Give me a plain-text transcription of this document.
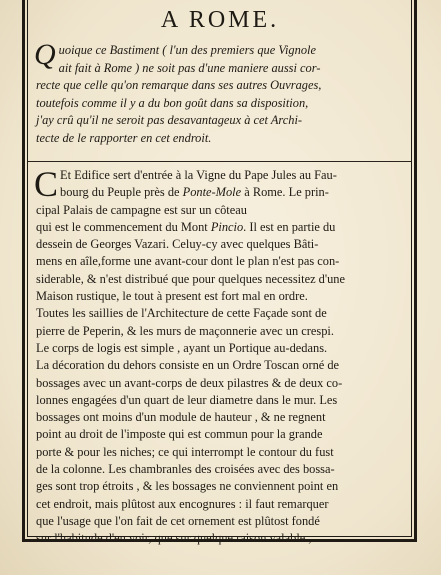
A ROME.
Q uoique ce Bastiment ( l'un des premiers que Vignole
ait fait à Rome ) ne soit pas d'une maniere aussi cor-
recte que celle qu'on remarque dans ses autres Ouvrages,
toutefois comme il y a du bon goût dans sa disposition,
j'ay crû qu'il ne seroit pas desavantageux à cet Archi-
tecte de le rapporter en cet endroit.
C Et Edifice sert d'entrée à la Vigne du Pape Jules au Fau-
bourg du Peuple près de Ponte-Mole à Rome. Le prin-
cipal Palais de campagne est sur un côteau
qui est le commencement du Mont Pincio. Il est en partie du
dessein de Georges Vazari. Celuy-cy avec quelques Bâti-
mens en aîle,forme une avant-cour dont le plan n'est pas con-
siderable, & n'est distribué que pour quelques necessitez d'une
Maison rustique, le tout à present est fort mal en ordre.
Toutes les saillies de l'Architecture de cette Façade sont de
pierre de Peperin, & les murs de maçonnerie avec un crespi.
Le corps de logis est simple , ayant un Portique au-dedans.
La décoration du dehors consiste en un Ordre Toscan orné de
bossages avec un avant-corps de deux pilastres & de deux co-
lonnes engagées d'un quart de leur diametre dans le mur. Les
bossages ont moins d'un module de hauteur , & ne regnent
point au droit de l'imposte qui est commun pour la grande
porte & pour les niches; ce qui interrompt le contour du fust
de la colonne. Les chambranles des croisées avec des bossa-
ges sont trop étroits , & les bossages ne conviennent point en
cet endroit, mais plûtost aux encognures : il faut remarquer
que l'usage que l'on fait de cet ornement est plûtost fondé
sur l'habitude d'en voir, que sur quelque raison valable ,
